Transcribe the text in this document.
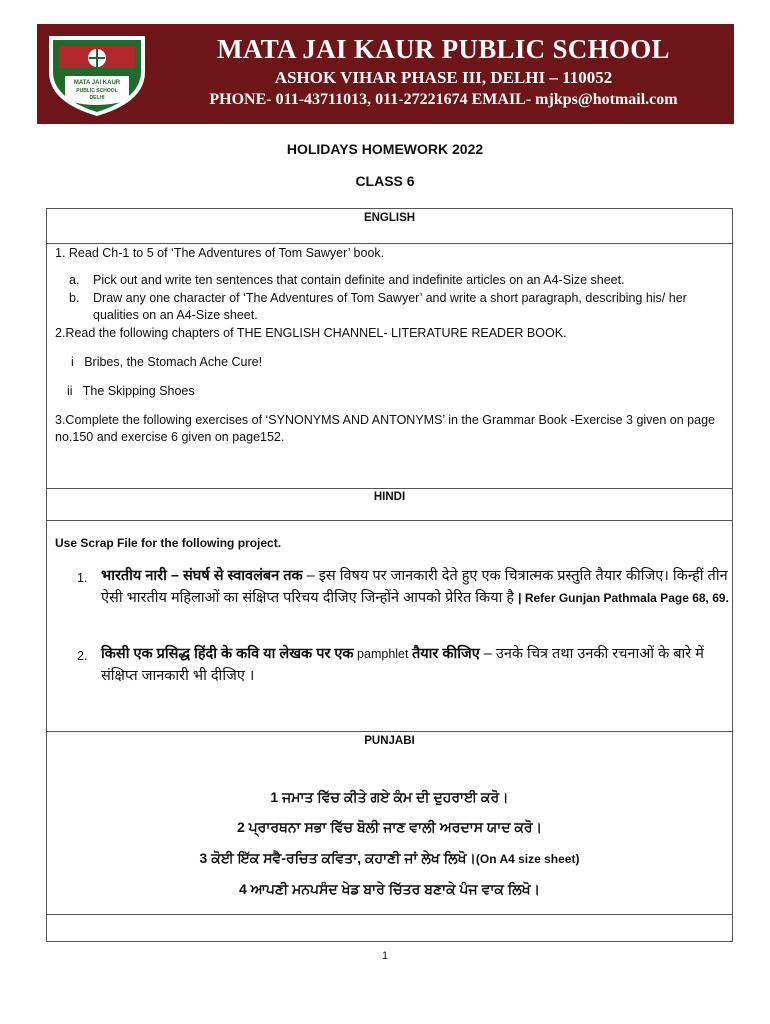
MATA JAI KAUR
PUBLIC SCHOOL
DELHI
MATA JAI KAUR PUBLIC SCHOOL
ASHOK VIHAR PHASE III, DELHI – 110052
PHONE- 011-43711013, 011-27221674 EMAIL- mjkps@hotmail.com
HOLIDAYS HOMEWORK 2022
CLASS 6
ENGLISH
1. Read Ch-1 to 5 of ‘The Adventures of Tom Sawyer’ book.
a. Pick out and write ten sentences that contain definite and indefinite articles on an A4-Size sheet.
b. Draw any one character of ‘The Adventures of Tom Sawyer’ and write a short paragraph, describing his/ her qualities on an A4-Size sheet.
2.Read the following chapters of THE ENGLISH CHANNEL- LITERATURE READER BOOK.
i   Bribes, the Stomach Ache Cure!
ii   The Skipping Shoes
3.Complete the following exercises of ‘SYNONYMS AND ANTONYMS’ in the Grammar Book -Exercise 3 given on page no.150 and exercise 6 given on page152.
HINDI
Use Scrap File for the following project.
1. भारतीय नारी – संघर्ष से स्वावलंबन तक – इस विषय पर जानकारी देते हुए एक चित्रात्मक प्रस्तुति तैयार कीजिए। किन्हीं तीन ऐसी भारतीय महिलाओं का संक्षिप्त परिचय दीजिए जिन्होंने आपको प्रेरित किया है | Refer Gunjan Pathmala Page 68, 69.
2. किसी एक प्रसिद्ध हिंदी के कवि या लेखक पर एक pamphlet तैयार कीजिए – उनके चित्र तथा उनकी रचनाओं के बारे में संक्षिप्त जानकारी भी दीजिए ।
PUNJABI
1 ਜਮਾਤ ਵਿੱਚ ਕੀਤੇ ਗਏ ਕੰਮ ਦੀ ਦੁਹਰਾਈ ਕਰੋ।
2 ਪ੍ਰਾਰਥਨਾ ਸਭਾ ਵਿੱਚ ਬੋਲੀ ਜਾਣ ਵਾਲੀ ਅਰਦਾਸ ਯਾਦ ਕਰੋ।
3 ਕੋਈ ਇੱਕ ਸਵੈ-ਰਚਿਤ ਕਵਿਤਾ, ਕਹਾਣੀ ਜਾਂ ਲੇਖ ਲਿਖੋ।(On A4 size sheet)
4 ਆਪਣੀ ਮਨਪਸੰਦ ਖੇਡ ਬਾਰੇ ਚਿੱਤਰ ਬਣਾਕੇ ਪੰਜ ਵਾਕ ਲਿਖੋ।
1
